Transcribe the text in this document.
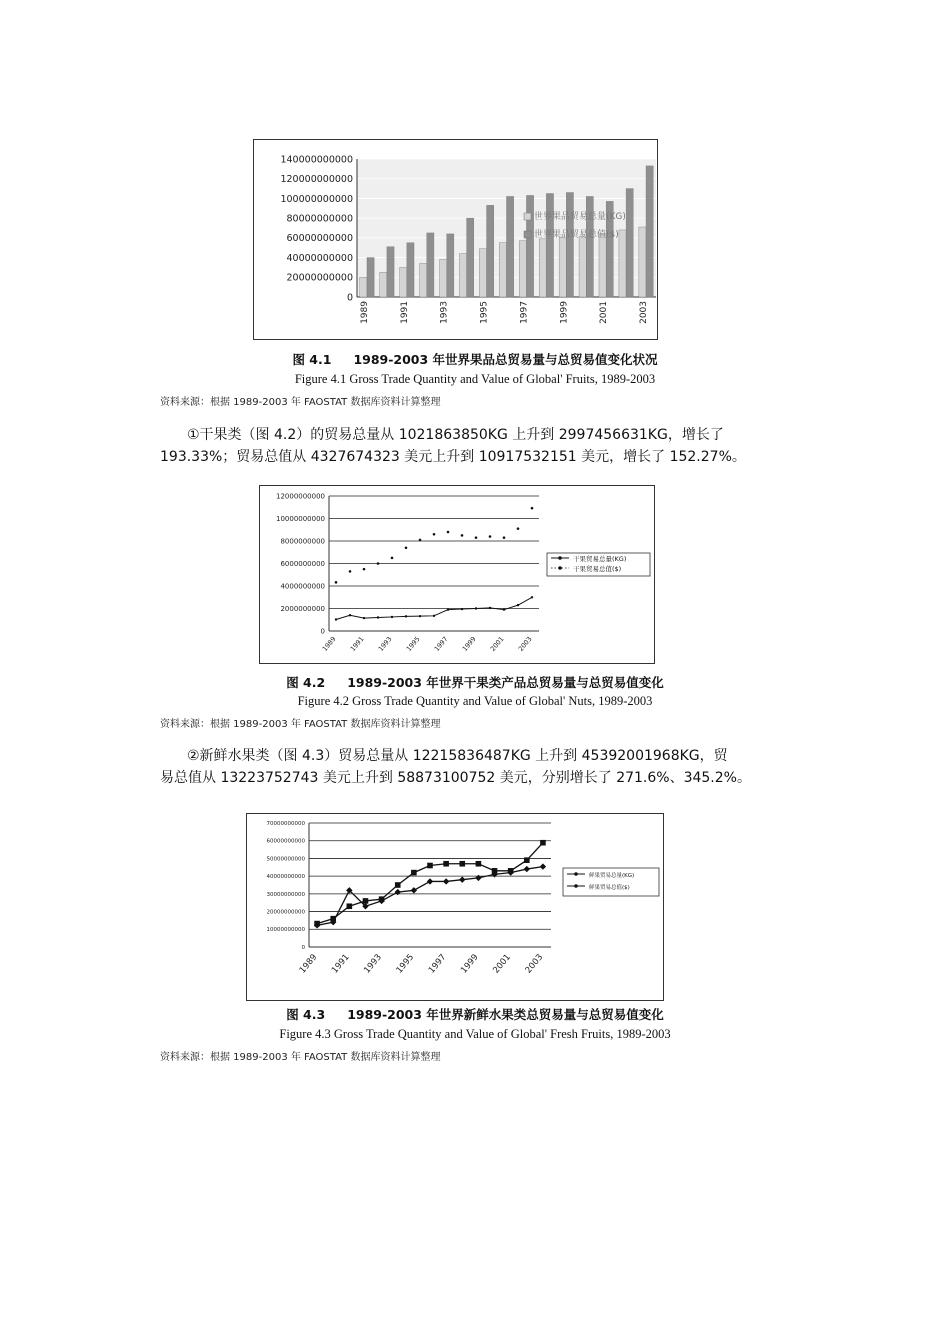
0
20000000000
40000000000
60000000000
80000000000
100000000000
120000000000
140000000000
1989	1991	1993	1995	1997	1999	2001	2003
世界果品贸易总量(KG)
世界果品贸易总值($)
图 4.1 1989-2003 年世界果品总贸易量与总贸易值变化状况
Figure 4.1 Gross Trade Quantity and Value of Global' Fruits, 1989-2003
资料来源：根据 1989-2003 年 FAOSTAT 数据库资料计算整理
①干果类（图 4.2）的贸易总量从 1021863850KG 上升到 2997456631KG，增长了
193.33%；贸易总值从 4327674323 美元上升到 10917532151 美元，增长了 152.27%。
0
2000000000
4000000000
6000000000
8000000000
10000000000
12000000000
1989 1991 1993 1995 1997 1999 2001 2003
干果贸易总量(KG)
干果贸易总值($)
图 4.2 1989-2003 年世界干果类产品总贸易量与总贸易值变化
Figure 4.2 Gross Trade Quantity and Value of Global' Nuts, 1989-2003
资料来源：根据 1989-2003 年 FAOSTAT 数据库资料计算整理
②新鲜水果类（图 4.3）贸易总量从 12215836487KG 上升到 45392001968KG，贸
易总值从 13223752743 美元上升到 58873100752 美元，分别增长了 271.6%、345.2%。
0
10000000000
20000000000
30000000000
40000000000
50000000000
60000000000
70000000000
1989 1991 1993 1995 1997 1999 2001 2003
鲜果贸易总量(KG)
鲜果贸易总值($)
图 4.3 1989-2003 年世界新鲜水果类总贸易量与总贸易值变化
Figure 4.3 Gross Trade Quantity and Value of Global' Fresh Fruits, 1989-2003
资料来源：根据 1989-2003 年 FAOSTAT 数据库资料计算整理
